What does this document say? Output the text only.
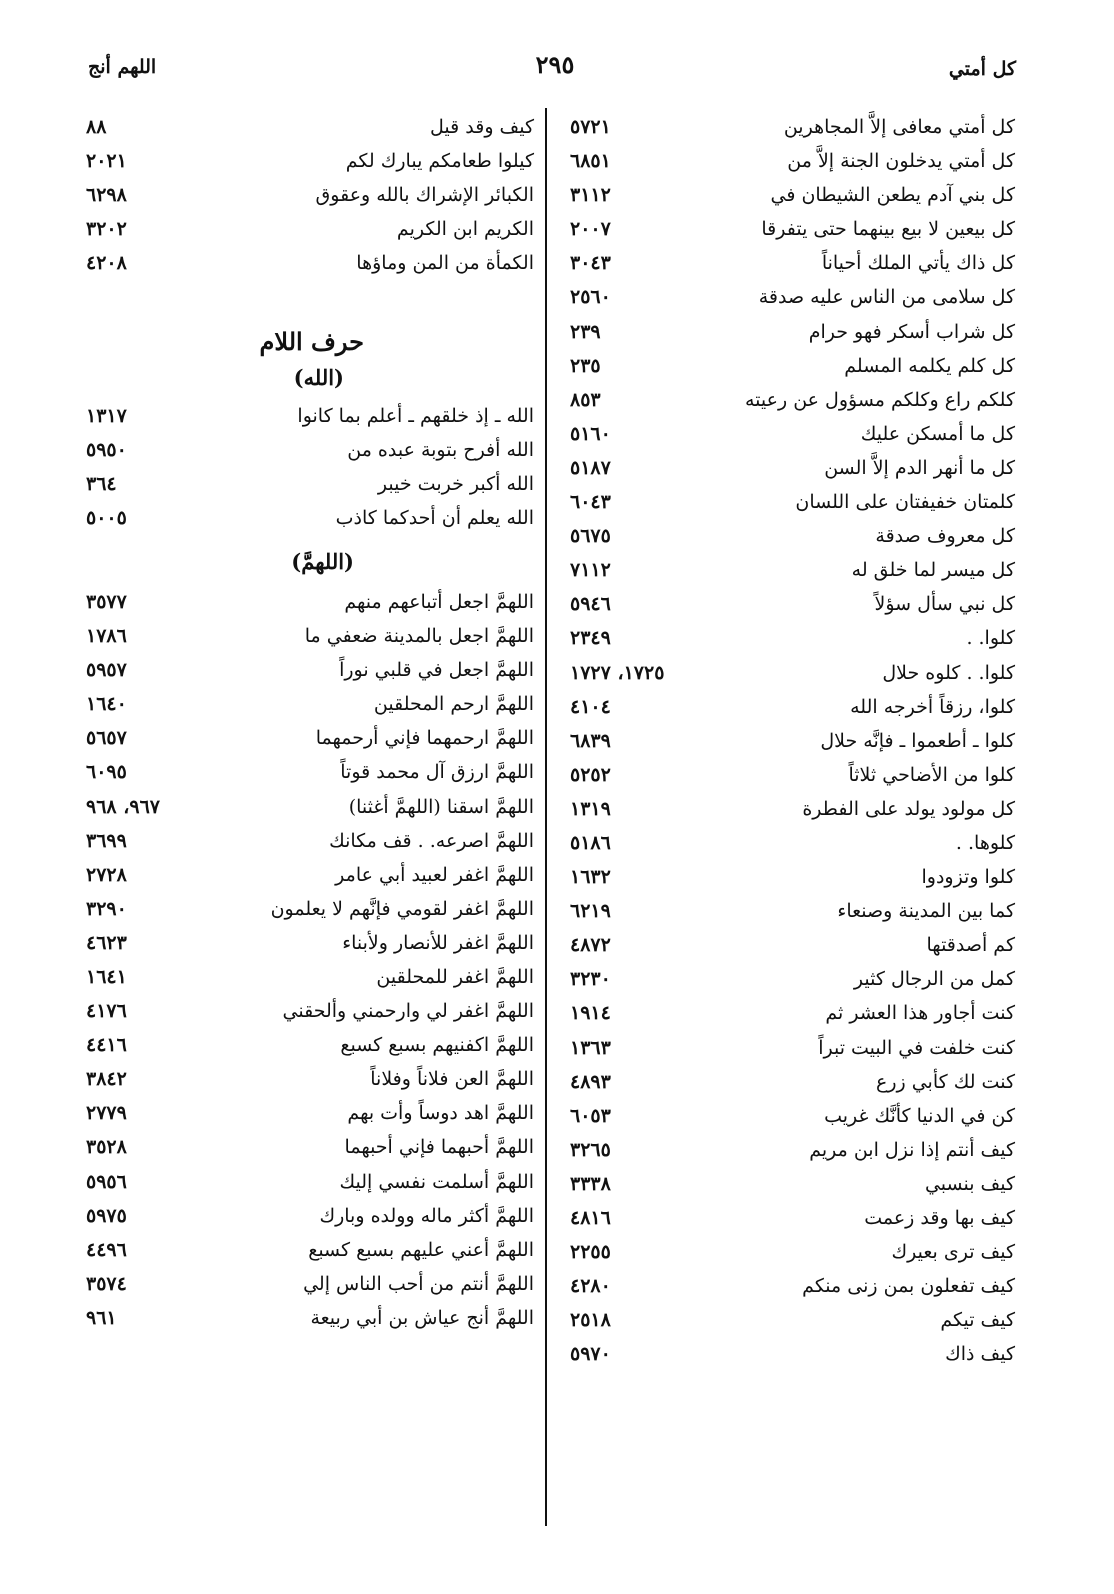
كل أمتي
٢٩٥
اللهم أنج
كل أمتي معافى إلاَّ المجاهرين
٥٧٢١
كل أمتي يدخلون الجنة إلاَّ من
٦٨٥١
كل بني آدم يطعن الشيطان في
٣١١٢
كل بيعين لا بيع بينهما حتى يتفرقا
٢٠٠٧
كل ذاك يأتي الملك أحياناً
٣٠٤٣
كل سلامى من الناس عليه صدقة
٢٥٦٠
كل شراب أسكر فهو حرام
٢٣٩
كل كلم يكلمه المسلم
٢٣٥
كلكم راع وكلكم مسؤول عن رعيته
٨٥٣
كل ما أمسكن عليك
٥١٦٠
كل ما أنهر الدم إلاَّ السن
٥١٨٧
كلمتان خفيفتان على اللسان
٦٠٤٣
كل معروف صدقة
٥٦٧٥
كل ميسر لما خلق له
٧١١٢
كل نبي سأل سؤلاً
٥٩٤٦
كلوا. .
٢٣٤٩
كلوا. . كلوه حلال
١٧٢٥، ١٧٢٧
كلوا، رزقاً أخرجه الله
٤١٠٤
كلوا ـ أطعموا ـ فإنَّه حلال
٦٨٣٩
كلوا من الأضاحي ثلاثاً
٥٢٥٢
كل مولود يولد على الفطرة
١٣١٩
كلوها. .
٥١٨٦
كلوا وتزودوا
١٦٣٢
كما بين المدينة وصنعاء
٦٢١٩
كم أصدقتها
٤٨٧٢
كمل من الرجال كثير
٣٢٣٠
كنت أجاور هذا العشر ثم
١٩١٤
كنت خلفت في البيت تبراً
١٣٦٣
كنت لك كأبي زرع
٤٨٩٣
كن في الدنيا كأنَّك غريب
٦٠٥٣
كيف أنتم إذا نزل ابن مريم
٣٢٦٥
كيف بنسبي
٣٣٣٨
كيف بها وقد زعمت
٤٨١٦
كيف ترى بعيرك
٢٢٥٥
كيف تفعلون بمن زنى منكم
٤٢٨٠
كيف تيكم
٢٥١٨
كيف ذاك
٥٩٧٠
كيف وقد قيل
٨٨
كيلوا طعامكم يبارك لكم
٢٠٢١
الكبائر الإشراك بالله وعقوق
٦٢٩٨
الكريم ابن الكريم
٣٢٠٢
الكمأة من المن وماؤها
٤٢٠٨
حرف اللام
(الله)
الله ـ إذ خلقهم ـ أعلم بما كانوا
١٣١٧
الله أفرح بتوبة عبده من
٥٩٥٠
الله أكبر خربت خيبر
٣٦٤
الله يعلم أن أحدكما كاذب
٥٠٠٥
(اللهمَّ)
اللهمَّ اجعل أتباعهم منهم
٣٥٧٧
اللهمَّ اجعل بالمدينة ضعفي ما
١٧٨٦
اللهمَّ اجعل في قلبي نوراً
٥٩٥٧
اللهمَّ ارحم المحلقين
١٦٤٠
اللهمَّ ارحمهما فإني أرحمهما
٥٦٥٧
اللهمَّ ارزق آل محمد قوتاً
٦٠٩٥
اللهمَّ اسقنا (اللهمَّ أغثنا)
٩٦٧، ٩٦٨
اللهمَّ اصرعه. . قف مكانك
٣٦٩٩
اللهمَّ اغفر لعبيد أبي عامر
٢٧٢٨
اللهمَّ اغفر لقومي فإنَّهم لا يعلمون
٣٢٩٠
اللهمَّ اغفر للأنصار ولأبناء
٤٦٢٣
اللهمَّ اغفر للمحلقين
١٦٤١
اللهمَّ اغفر لي وارحمني وألحقني
٤١٧٦
اللهمَّ اكفنيهم بسبع كسبع
٤٤١٦
اللهمَّ العن فلاناً وفلاناً
٣٨٤٢
اللهمَّ اهد دوساً وأت بهم
٢٧٧٩
اللهمَّ أحبهما فإني أحبهما
٣٥٢٨
اللهمَّ أسلمت نفسي إليك
٥٩٥٦
اللهمَّ أكثر ماله وولده وبارك
٥٩٧٥
اللهمَّ أعني عليهم بسبع كسبع
٤٤٩٦
اللهمَّ أنتم من أحب الناس إلي
٣٥٧٤
اللهمَّ أنج عياش بن أبي ربيعة
٩٦١
